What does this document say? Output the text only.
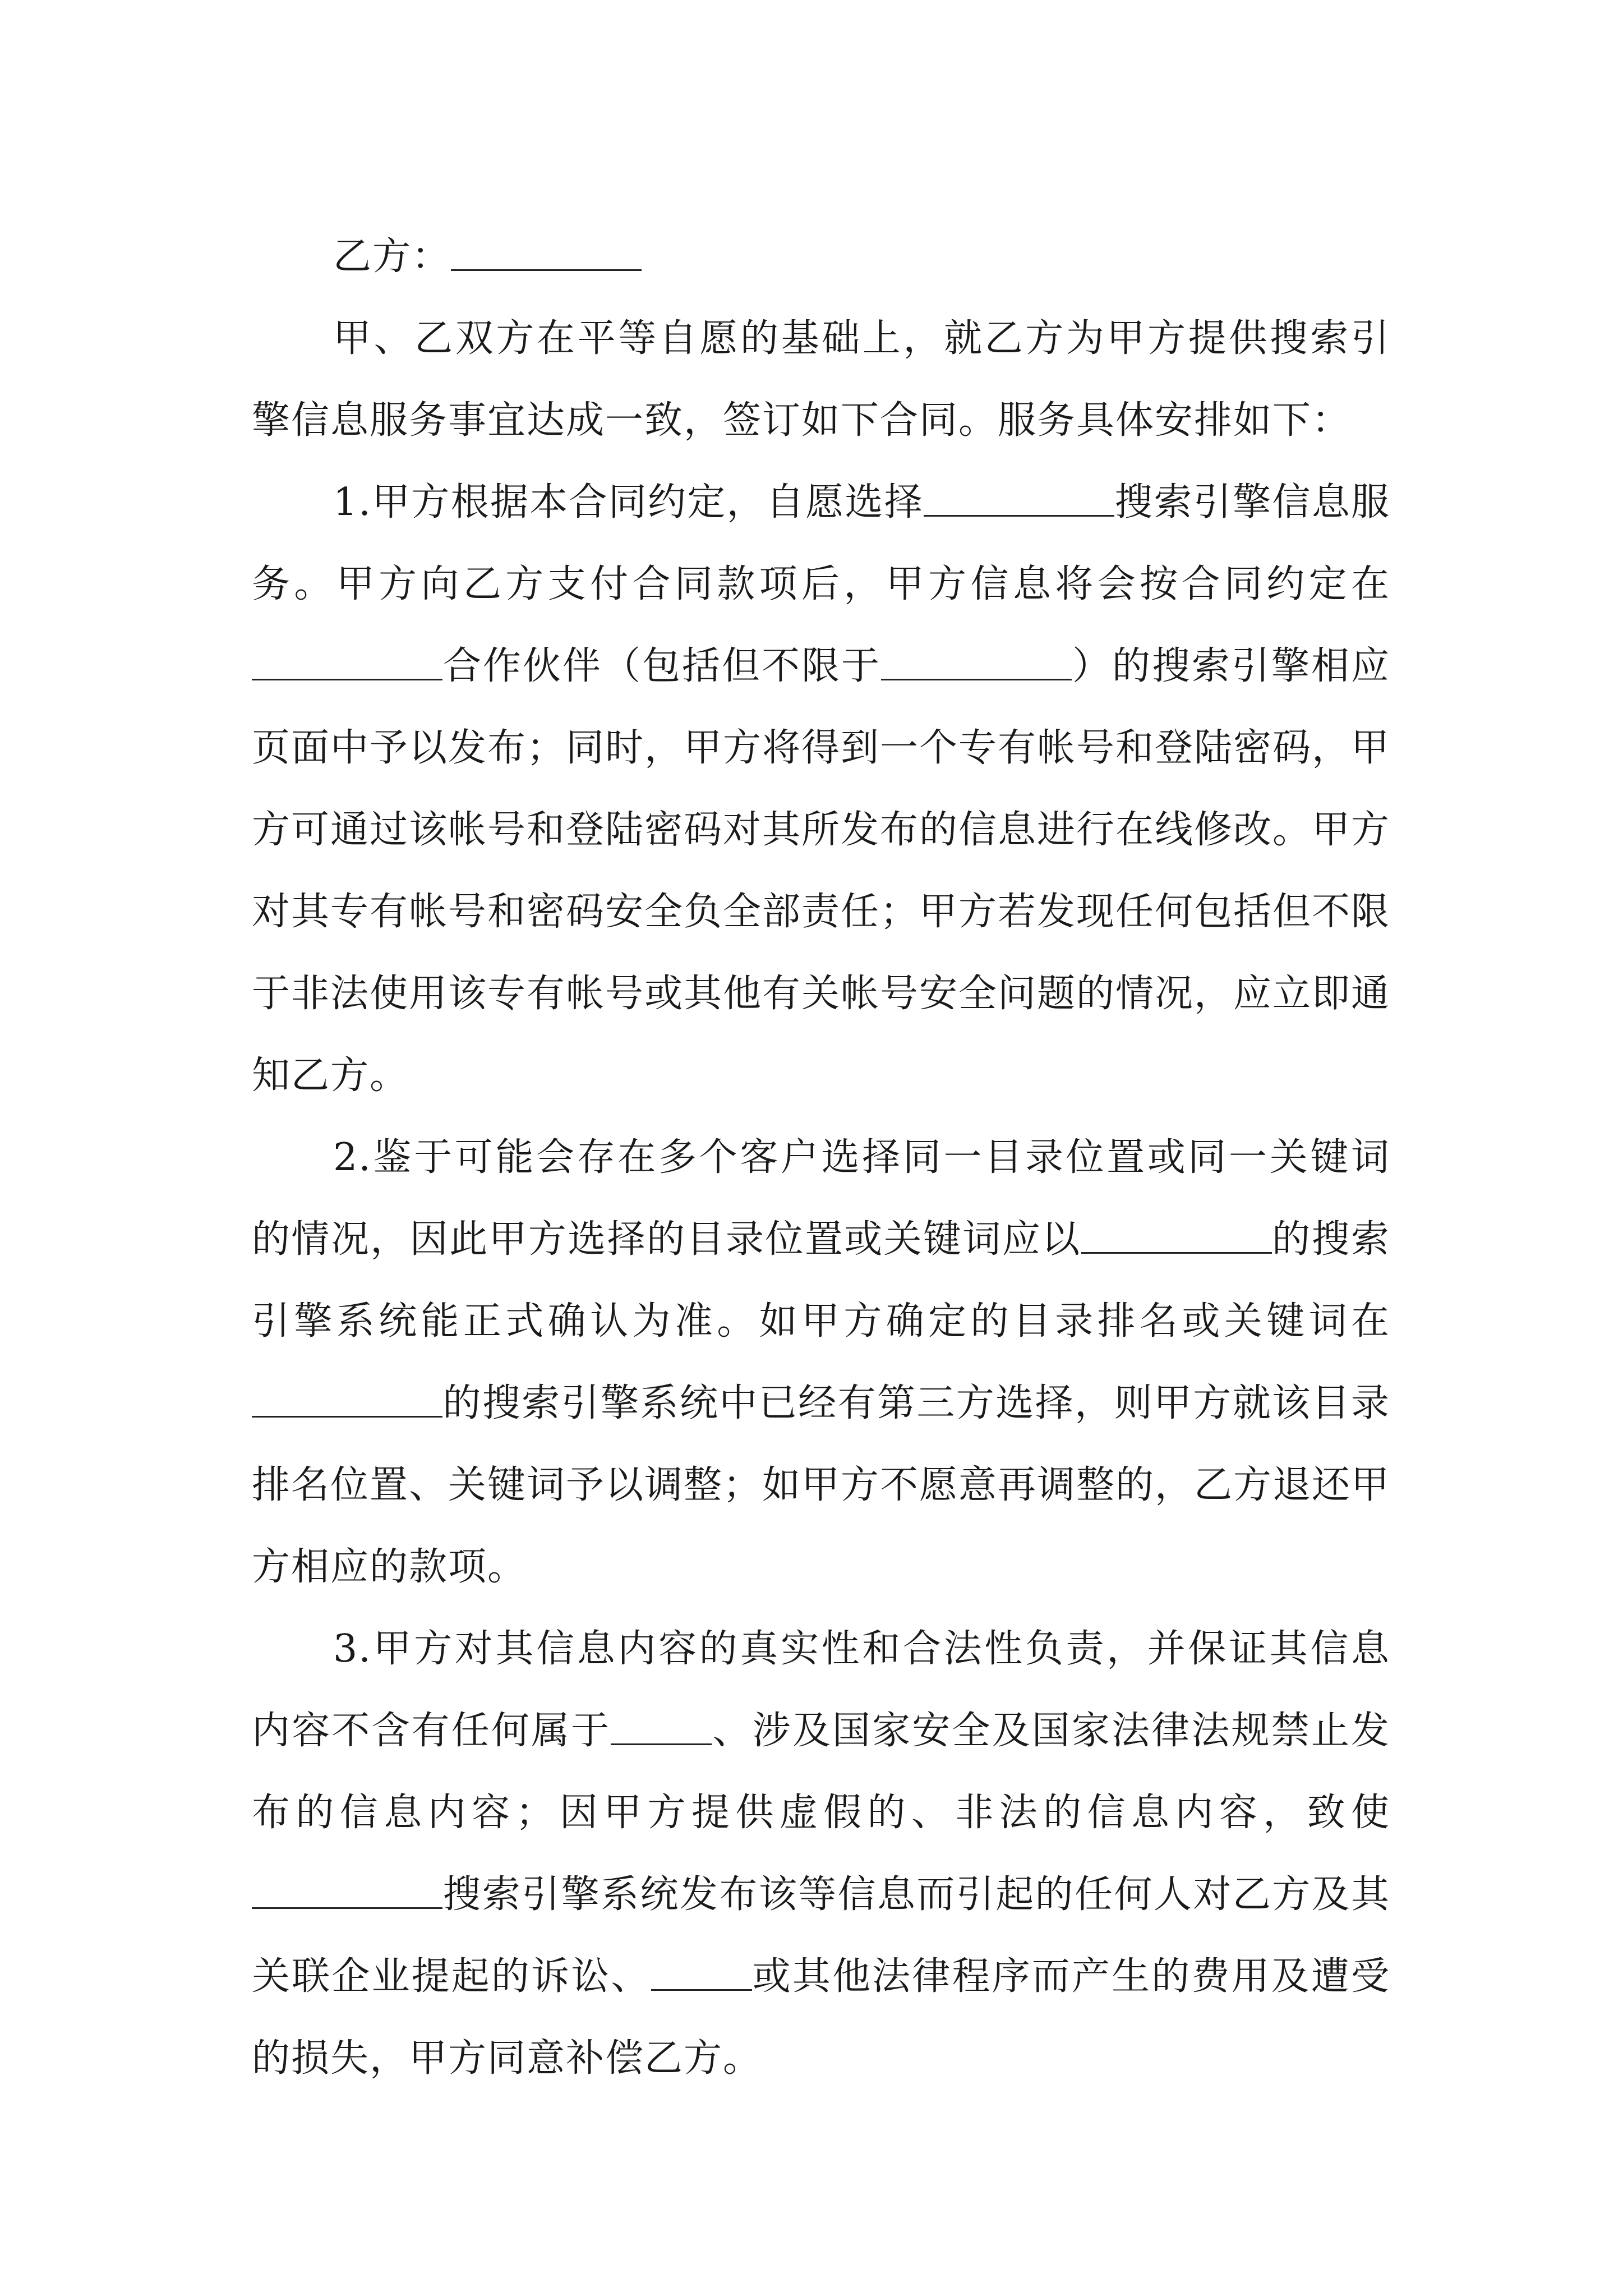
乙方：

甲、乙双方在平等自愿的基础上，就乙方为甲方提供搜索引擎信息服务事宜达成一致，签订如下合同。服务具体安排如下：

1.甲方根据本合同约定，自愿选择	搜索引擎信息服务。甲方向乙方支付合同款项后，甲方信息将会按合同约定在合作伙伴（包括但不限于	）的搜索引擎相应页面中予以发布；同时，甲方将得到一个专有帐号和登陆密码，甲方可通过该帐号和登陆密码对其所发布的信息进行在线修改。甲方对其专有帐号和密码安全负全部责任；甲方若发现任何包括但不限于非法使用该专有帐号或其他有关帐号安全问题的情况，应立即通知乙方。

2.鉴于可能会存在多个客户选择同一目录位置或同一关键词的情况，因此甲方选择的目录位置或关键词应以	的搜索引擎系统能正式确认为准。如甲方确定的目录排名或关键词在的搜索引擎系统中已经有第三方选择，则甲方就该目录排名位置、关键词予以调整；如甲方不愿意再调整的，乙方退还甲方相应的款项。

3.甲方对其信息内容的真实性和合法性负责，并保证其信息内容不含有任何属于	、涉及国家安全及国家法律法规禁止发布的信息内容；因甲方提供虚假的、非法的信息内容，致使搜索引擎系统发布该等信息而引起的任何人对乙方及其关联企业提起的诉讼、	或其他法律程序而产生的费用及遭受的损失，甲方同意补偿乙方。
